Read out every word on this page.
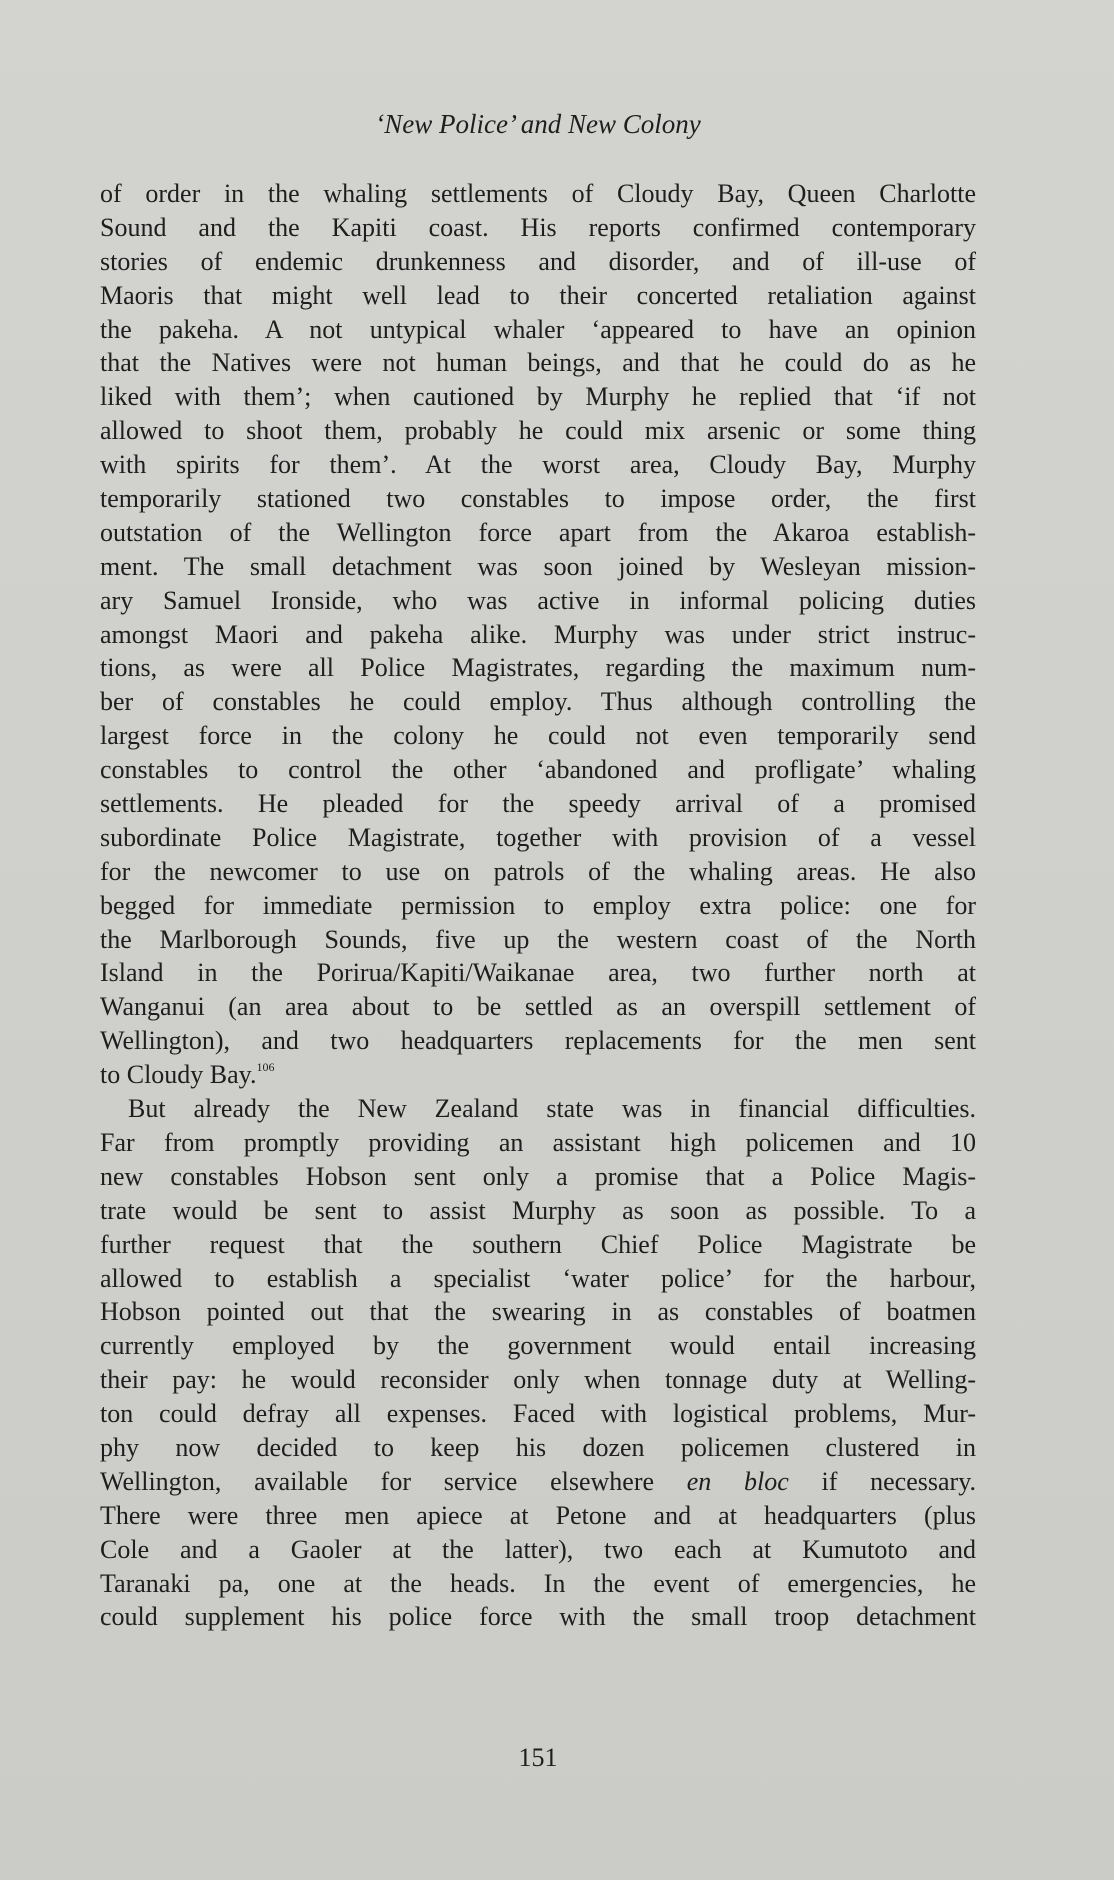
‘New Police’ and New Colony
of order in the whaling settlements of Cloudy Bay, Queen Charlotte
Sound and the Kapiti coast. His reports confirmed contemporary
stories of endemic drunkenness and disorder, and of ill-use of
Maoris that might well lead to their concerted retaliation against
the pakeha. A not untypical whaler ‘appeared to have an opinion
that the Natives were not human beings, and that he could do as he
liked with them’; when cautioned by Murphy he replied that ‘if not
allowed to shoot them, probably he could mix arsenic or some thing
with spirits for them’. At the worst area, Cloudy Bay, Murphy
temporarily stationed two constables to impose order, the first
outstation of the Wellington force apart from the Akaroa establish-
ment. The small detachment was soon joined by Wesleyan mission-
ary Samuel Ironside, who was active in informal policing duties
amongst Maori and pakeha alike. Murphy was under strict instruc-
tions, as were all Police Magistrates, regarding the maximum num-
ber of constables he could employ. Thus although controlling the
largest force in the colony he could not even temporarily send
constables to control the other ‘abandoned and profligate’ whaling
settlements. He pleaded for the speedy arrival of a promised
subordinate Police Magistrate, together with provision of a vessel
for the newcomer to use on patrols of the whaling areas. He also
begged for immediate permission to employ extra police: one for
the Marlborough Sounds, five up the western coast of the North
Island in the Porirua/Kapiti/Waikanae area, two further north at
Wanganui (an area about to be settled as an overspill settlement of
Wellington), and two headquarters replacements for the men sent
to Cloudy Bay.$^{106}$
But already the New Zealand state was in financial difficulties.
Far from promptly providing an assistant high policemen and 10
new constables Hobson sent only a promise that a Police Magis-
trate would be sent to assist Murphy as soon as possible. To a
further request that the southern Chief Police Magistrate be
allowed to establish a specialist ‘water police’ for the harbour,
Hobson pointed out that the swearing in as constables of boatmen
currently employed by the government would entail increasing
their pay: he would reconsider only when tonnage duty at Welling-
ton could defray all expenses. Faced with logistical problems, Mur-
phy now decided to keep his dozen policemen clustered in
Wellington, available for service elsewhere en bloc if necessary.
There were three men apiece at Petone and at headquarters (plus
Cole and a Gaoler at the latter), two each at Kumutoto and
Taranaki pa, one at the heads. In the event of emergencies, he
could supplement his police force with the small troop detachment
151
